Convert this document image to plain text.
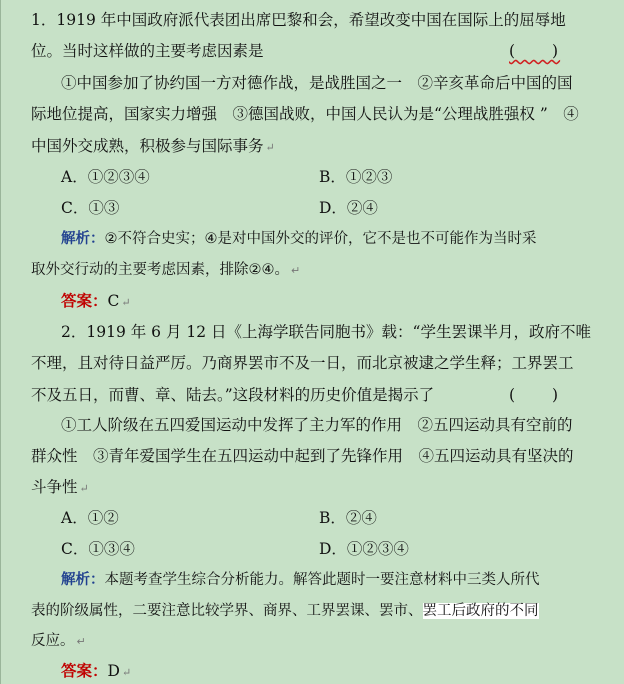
1．1919 年中国政府派代表团出席巴黎和会，希望改变中国在国际上的屈辱地
位。当时这样做的主要考虑因素是	(　　)
①中国参加了协约国一方对德作战，是战胜国之一　②辛亥革命后中国的国
际地位提高，国家实力增强　③德国战败，中国人民认为是“公理战胜强权 ”　④
中国外交成熟，积极参与国际事务 ↵
A．①②③④	B．①②③
C．①③	D．②④
解析：②不符合史实；④是对中国外交的评价，它不是也不可能作为当时采
取外交行动的主要考虑因素，排除②④。 ↵
答案：C ↵
2．1919 年 6 月 12 日《上海学联告同胞书》载：“学生罢课半月，政府不唯
不理，且对待日益严厉。乃商界罢市不及一日，而北京被逮之学生释；工界罢工
不及五日，而曹、章、陆去。”这段材料的历史价值是揭示了	(　　)
①工人阶级在五四爱国运动中发挥了主力军的作用　②五四运动具有空前的
群众性　③青年爱国学生在五四运动中起到了先锋作用　④五四运动具有坚决的
斗争性 ↵
A．①②	B．②④
C．①③④	D．①②③④
解析：本题考查学生综合分析能力。解答此题时一要注意材料中三类人所代
表的阶级属性，二要注意比较学界、商界、工界罢课、罢市、罢工后政府的不同
反应。 ↵
答案：D ↵
